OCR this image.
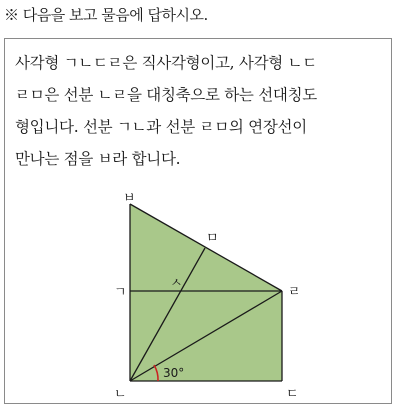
※ 다음을 보고 물음에 답하시오.
사각형 ㄱㄴㄷㄹ은 직사각형이고, 사각형 ㄴㄷ
ㄹㅁ은 선분 ㄴㄹ을 대칭축으로 하는 선대칭도
형입니다. 선분 ㄱㄴ과 선분 ㄹㅁ의 연장선이
만나는 점을 ㅂ라 합니다.
ㅂ
ㅁ
ㄱ
ㅅ
ㄹ
ㄴ	ㄷ
30°
